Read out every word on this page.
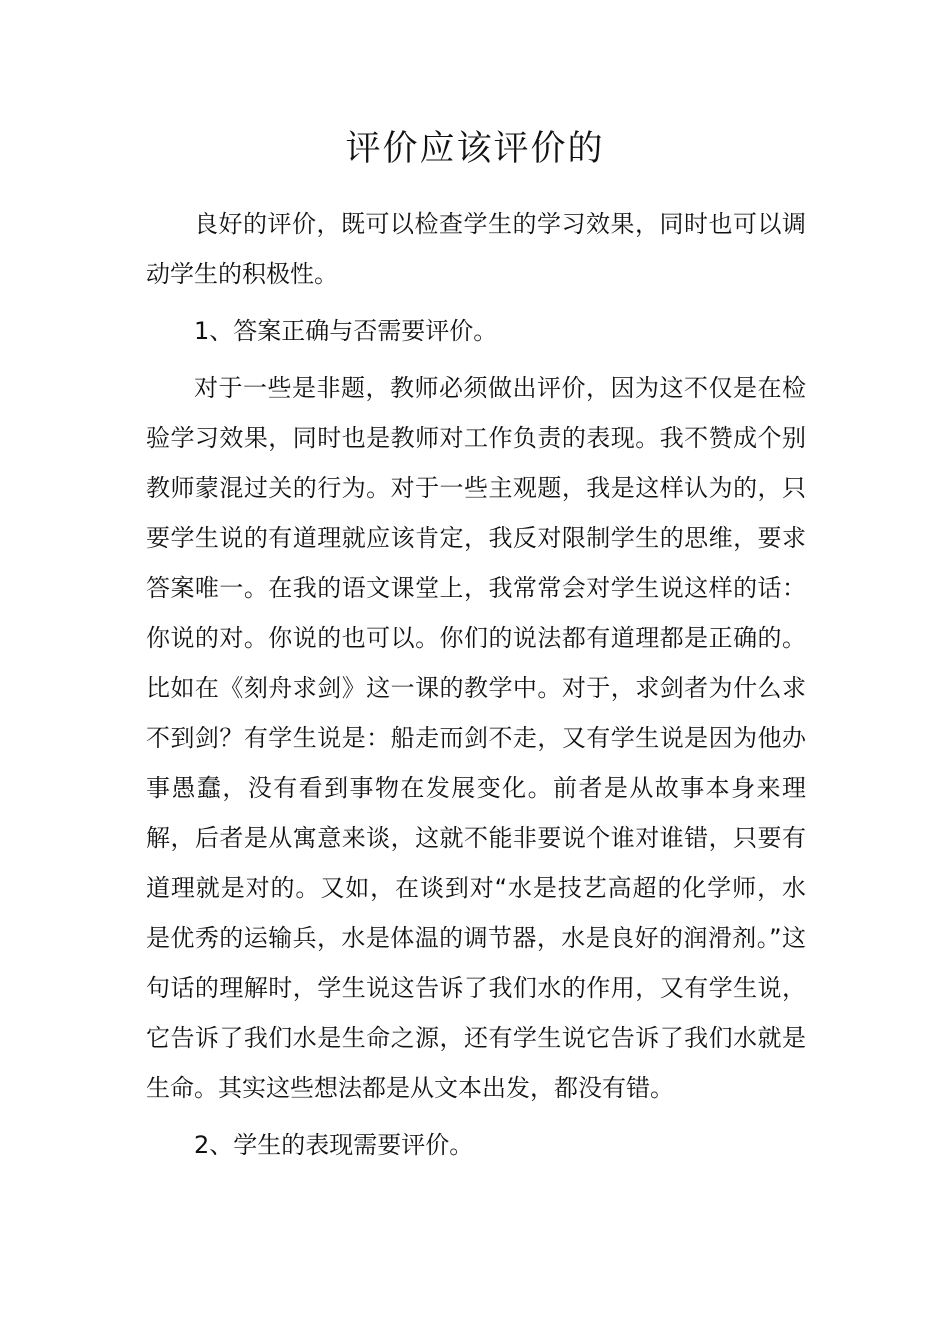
评价应该评价的

良好的评价，既可以检查学生的学习效果，同时也可以调动学生的积极性。

1、答案正确与否需要评价。

对于一些是非题，教师必须做出评价，因为这不仅是在检验学习效果，同时也是教师对工作负责的表现。我不赞成个别教师蒙混过关的行为。对于一些主观题，我是这样认为的，只要学生说的有道理就应该肯定，我反对限制学生的思维，要求答案唯一。在我的语文课堂上，我常常会对学生说这样的话：你说的对。你说的也可以。你们的说法都有道理都是正确的。比如在《刻舟求剑》这一课的教学中。对于，求剑者为什么求不到剑？有学生说是：船走而剑不走，又有学生说是因为他办事愚蠢，没有看到事物在发展变化。前者是从故事本身来理解，后者是从寓意来谈，这就不能非要说个谁对谁错，只要有道理就是对的。又如，在谈到对“水是技艺高超的化学师，水是优秀的运输兵，水是体温的调节器，水是良好的润滑剂。”这句话的理解时，学生说这告诉了我们水的作用，又有学生说，它告诉了我们水是生命之源，还有学生说它告诉了我们水就是生命。其实这些想法都是从文本出发，都没有错。

2、学生的表现需要评价。
